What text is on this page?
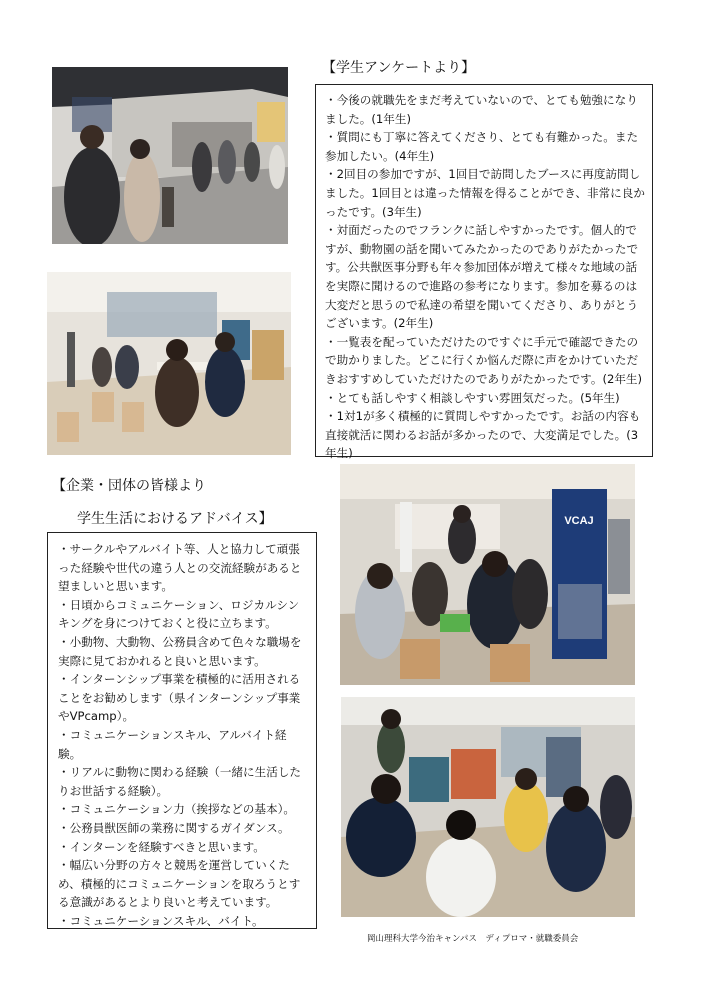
【学生アンケートより】

・今後の就職先をまだ考えていないので、とても勉強になりました。(1年生)

・質問にも丁寧に答えてくださり、とても有難かった。また参加したい。(4年生)

・2回目の参加ですが、1回目で訪問したブースに再度訪問しました。1回目とは違った情報を得ることができ、非常に良かったです。(3年生)

・対面だったのでフランクに話しやすかったです。個人的ですが、動物園の話を聞いてみたかったのでありがたかったです。公共獣医事分野も年々参加団体が増えて様々な地域の話を実際に聞けるので進路の参考になります。参加を募るのは大変だと思うので私達の希望を聞いてくださり、ありがとうございます。(2年生)

・一覧表を配っていただけたのですぐに手元で確認できたので助かりました。どこに行くか悩んだ際に声をかけていただきおすすめしていただけたのでありがたかったです。(2年生)

・とても話しやすく相談しやすい雰囲気だった。(5年生)

・1対1が多く積極的に質問しやすかったです。お話の内容も直接就活に関わるお話が多かったので、大変満足でした。(3年生)

【企業・団体の皆様より
学生生活におけるアドバイス】

・サークルやアルバイト等、人と協力して頑張った経験や世代の違う人との交流経験があると望ましいと思います。

・日頃からコミュニケーション、ロジカルシンキングを身につけておくと役に立ちます。

・小動物、大動物、公務員含めて色々な職場を実際に見ておかれると良いと思います。

・インターンシップ事業を積極的に活用されることをお勧めします（県インターンシップ事業やVPcamp）。

・コミュニケーションスキル、アルバイト経験。

・リアルに動物に関わる経験（一緒に生活したりお世話する経験）。

・コミュニケーション力（挨拶などの基本）。

・公務員獣医師の業務に関するガイダンス。

・インターンを経験すべきと思います。

・幅広い分野の方々と競馬を運営していくため、積極的にコミュニケーションを取ろうとする意識があるとより良いと考えています。

・コミュニケーションスキル、バイト。

VCAJ
岡山理科大学今治キャンパス　ディプロマ・就職委員会
